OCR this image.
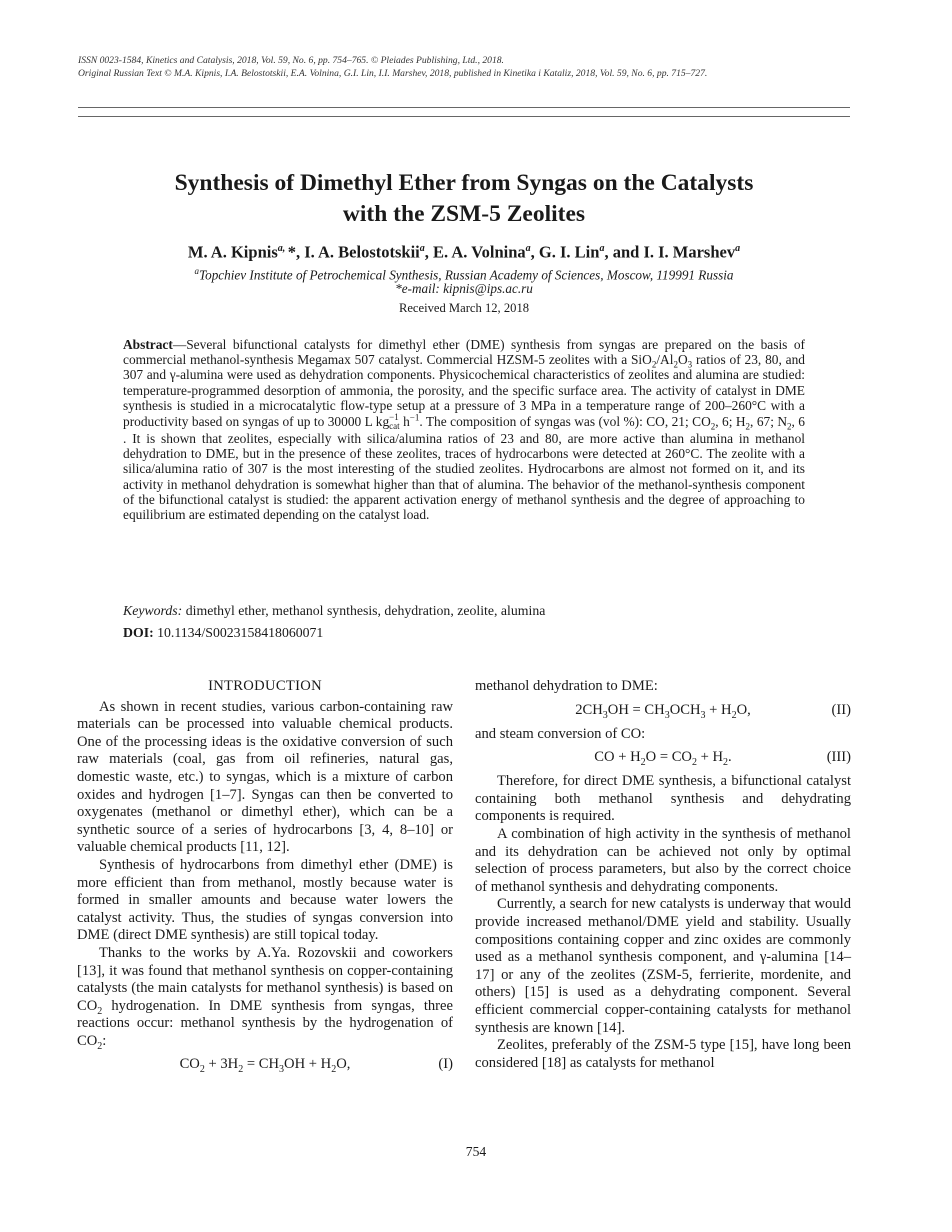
ISSN 0023-1584, Kinetics and Catalysis, 2018, Vol. 59, No. 6, pp. 754–765. © Pleiades Publishing, Ltd., 2018.
Original Russian Text © M.A. Kipnis, I.A. Belostotskii, E.A. Volnina, G.I. Lin, I.I. Marshev, 2018, published in Kinetika i Kataliz, 2018, Vol. 59, No. 6, pp. 715–727.
Synthesis of Dimethyl Ether from Syngas on the Catalysts
with the ZSM-5 Zeolites
M. A. Kipnis$^{a,}$ *, I. A. Belostotskii$^a$, E. A. Volnina$^a$, G. I. Lin$^a$, and I. I. Marshev$^a$
$^a$Topchiev Institute of Petrochemical Synthesis, Russian Academy of Sciences, Moscow, 119991 Russia
*e-mail: kipnis@ips.ac.ru
Received March 12, 2018
Abstract—Several bifunctional catalysts for dimethyl ether (DME) synthesis from syngas are prepared on the basis of commercial methanol-synthesis Megamax 507 catalyst. Commercial HZSM-5 zeolites with a $SiO_2/Al_2O_3$ ratios of 23, 80, and 307 and γ-alumina were used as dehydration components. Physicochemical characteristics of zeolites and alumina are studied: temperature-programmed desorption of ammonia, the porosity, and the specific surface area. The activity of catalyst in DME synthesis is studied in a microcatalytic flow-type setup at a pressure of 3 MPa in a temperature range of 200–260°C with a productivity based on syngas of up to 30000 L kg −1
cat $h^{-1}$. The composition of syngas was (vol %): CO, 21; $CO_2$, 6; $H_2$, 67; $N_2$, 6 . It is shown that zeolites, especially with silica/alumina ratios of 23 and 80, are more active than alumina in methanol dehydration to DME, but in the presence of these zeolites, traces of hydrocarbons were detected at 260°C. The zeolite with a silica/alumina ratio of 307 is the most interesting of the studied zeolites. Hydrocarbons are almost not formed on it, and its activity in methanol dehydration is somewhat higher than that of alumina. The behavior of the methanol-synthesis component of the bifunctional catalyst is studied: the apparent activation energy of methanol synthesis and the degree of approaching to equilibrium are estimated depending on the catalyst load.
Keywords: dimethyl ether, methanol synthesis, dehydration, zeolite, alumina
DOI: 10.1134/S0023158418060071
INTRODUCTION

As shown in recent studies, various carbon-containing raw materials can be processed into valuable chemical products. One of the processing ideas is the oxidative conversion of such raw materials (coal, gas from oil refineries, natural gas, domestic waste, etc.) to syngas, which is a mixture of carbon oxides and hydrogen [1–7]. Syngas can then be converted to oxygenates (methanol or dimethyl ether), which can be a synthetic source of a series of hydrocarbons [3, 4, 8–10] or valuable chemical products [11, 12].

Synthesis of hydrocarbons from dimethyl ether (DME) is more efficient than from methanol, mostly because water is formed in smaller amounts and because water lowers the catalyst activity. Thus, the studies of syngas conversion into DME (direct DME synthesis) are still topical today.

Thanks to the works by A.Ya. Rozovskii and coworkers [13], it was found that methanol synthesis on copper-containing catalysts (the main catalysts for methanol synthesis) is based on $CO_2$ hydrogenation. In DME synthesis from syngas, three reactions occur: methanol synthesis by the hydrogenation of $CO_2$:

$CO_2 + 3H_2 = CH_3OH + H_2O$,	(I)

methanol dehydration to DME:

$2CH_3OH = CH_3OCH_3 + H_2O$,	(II)

and steam conversion of CO:

CO + $H_2O = CO_2 + H_2$.	(III)

Therefore, for direct DME synthesis, a bifunctional catalyst containing both methanol synthesis and dehydrating components is required.

A combination of high activity in the synthesis of methanol and its dehydration can be achieved not only by optimal selection of process parameters, but also by the correct choice of methanol synthesis and dehydrating components.

Currently, a search for new catalysts is underway that would provide increased methanol/DME yield and stability. Usually compositions containing copper and zinc oxides are commonly used as a methanol synthesis component, and γ-alumina [14–17] or any of the zeolites (ZSM-5, ferrierite, mordenite, and others) [15] is used as a dehydrating component. Several efficient commercial copper-containing catalysts for methanol synthesis are known [14].

Zeolites, preferably of the ZSM-5 type [15], have long been considered [18] as catalysts for methanol

754
